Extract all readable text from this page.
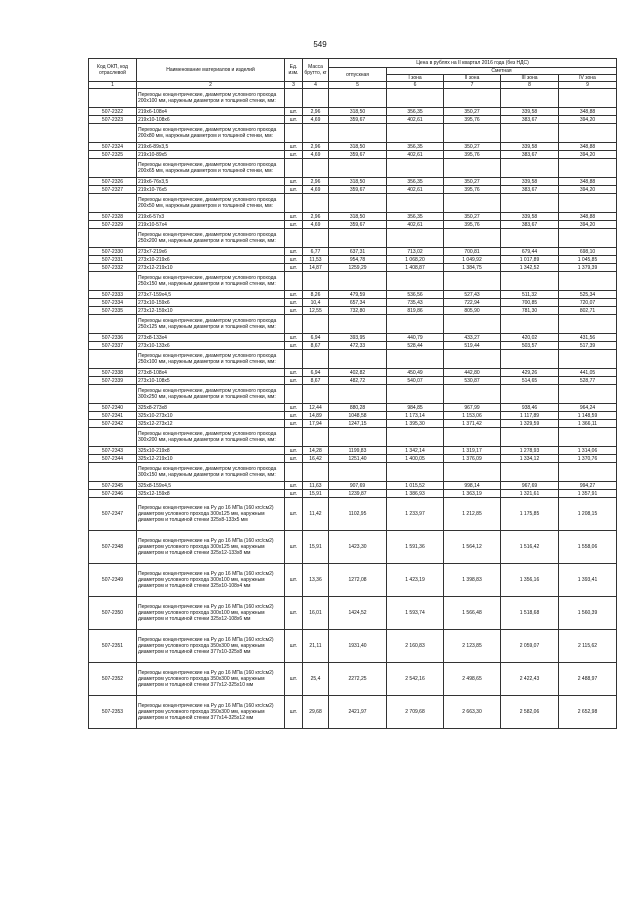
549
Код ОКП, код отраслевой	Наименование материалов и изделий	Ед. изм.	Масса брутто, кг	Цена в рублях на II квартал 2016 года (без НДС)				
				отпускная	Сметная			
					I зона	II зона	III зона	IV зона
1	2	3	4	5	6	7	8	9
	Переходы концентрические, диаметром условного прохода 200x100 мм, наружным диаметром и толщиной стенки, мм:							
507-2322	219x6-108x4	шт.	2,96	318,50	356,35	350,27	339,58	348,88
507-2323	219x10-108x6	шт.	4,69	359,67	402,61	395,76	383,67	394,20
	Переходы концентрические, диаметром условного прохода 200x80 мм, наружным диаметром и толщиной стенки, мм:							
507-2324	219x6-89x3,5	шт.	2,96	318,50	356,35	350,27	339,58	348,88
507-2325	219x10-89x5	шт.	4,69	359,67	402,61	395,76	383,67	394,20
	Переходы концентрические, диаметром условного прохода 200x65 мм, наружным диаметром и толщиной стенки, мм:							
507-2326	219x6-76x3,5	шт.	2,96	318,50	356,35	350,27	339,58	348,88
507-2327	219x10-76x5	шт.	4,69	359,67	402,61	395,76	383,67	394,20
	Переходы концентрические, диаметром условного прохода 200x50 мм, наружным диаметром и толщиной стенки, мм:							
507-2328	219x6-57x3	шт.	2,96	318,50	356,35	350,27	339,58	348,88
507-2329	219x10-57x4	шт.	4,69	359,67	402,61	395,76	383,67	394,20
	Переходы концентрические, диаметром условного прохода 250x200 мм, наружным диаметром и толщиной стенки, мм:							
507-2330	273x7-219x6	шт.	6,77	637,31	713,02	700,81	679,44	698,10
507-2331	273x10-219x6	шт.	11,53	954,78	1 068,20	1 049,92	1 017,89	1 045,85
507-2332	273x12-219x10	шт.	14,87	1259,29	1 408,87	1 384,75	1 342,52	1 379,39
	Переходы концентрические, диаметром условного прохода 250x150 мм, наружным диаметром и толщиной стенки, мм:							
507-2333	273x7-159x4,5	шт.	8,26	479,59	536,56	527,43	511,32	525,34
507-2334	273x10-159x6	шт.	10,4	657,34	735,43	722,94	700,85	720,07
507-2335	273x12-159x10	шт.	12,55	732,80	819,86	805,90	781,30	802,71
	Переходы концентрические, диаметром условного прохода 250x125 мм, наружным диаметром и толщиной стенки, мм:							
507-2336	273x8-133x4	шт.	6,94	393,95	440,79	433,27	420,02	431,56
507-2337	273x10-133x6	шт.	8,67	472,33	528,44	519,44	503,57	517,39
	Переходы концентрические, диаметром условного прохода 250x100 мм, наружным диаметром и толщиной стенки, мм:							
507-2338	273x8-108x4	шт.	6,94	402,82	450,49	442,80	429,26	441,05
507-2339	273x10-108x5	шт.	8,67	482,72	540,07	530,87	514,65	528,77
	Переходы концентрические, диаметром условного прохода 300x250 мм, наружным диаметром и толщиной стенки, мм:							
507-2340	325x8-273x8	шт.	12,44	880,28	984,85	967,99	938,46	964,24
507-2341	325x10-273x10	шт.	14,89	1048,58	1 173,14	1 153,06	1 117,89	1 148,59
507-2342	325x12-273x12	шт.	17,94	1247,15	1 395,30	1 371,42	1 329,59	1 366,11
	Переходы концентрические, диаметром условного прохода 300x200 мм, наружным диаметром и толщиной стенки, мм:							
507-2343	325x10-219x8	шт.	14,28	1199,83	1 342,14	1 319,17	1 278,93	1 314,06
507-2344	325x12-219x10	шт.	16,42	1251,40	1 400,05	1 376,09	1 334,12	1 370,76
	Переходы концентрические, диаметром условного прохода 300x150 мм, наружным диаметром и толщиной стенки, мм:							
507-2345	325x8-159x4,5	шт.	11,63	907,69	1 015,52	998,14	967,69	994,27
507-2346	325x12-159x8	шт.	15,91	1239,87	1 386,93	1 363,19	1 321,61	1 357,91
507-2347	Переходы концентрические на Ру до 16 МПа (160 кгс/см2) диаметром условного прохода 300x125 мм, наружным диаметром и толщиной стенки 325x8-133x5 мм	шт.	11,42	1102,95	1 233,97	1 212,85	1 175,85	1 208,15
507-2348	Переходы концентрические на Ру до 16 МПа (160 кгс/см2) диаметром условного прохода 300x125 мм, наружным диаметром и толщиной стенки 325x12-133x8 мм	шт.	15,91	1423,30	1 591,36	1 564,12	1 516,42	1 558,06
507-2349	Переходы концентрические на Ру до 16 МПа (160 кгс/см2) диаметром условного прохода 300x100 мм, наружным диаметром и толщиной стенки 325x10-108x4 мм	шт.	13,36	1272,08	1 423,19	1 398,83	1 356,16	1 393,41
507-2350	Переходы концентрические на Ру до 16 МПа (160 кгс/см2) диаметром условного прохода 300x100 мм, наружным диаметром и толщиной стенки 325x12-108x6 мм	шт.	16,01	1424,52	1 593,74	1 566,48	1 518,68	1 560,39
507-2351	Переходы концентрические на Ру до 16 МПа (160 кгс/см2) диаметром условного прохода 350x300 мм, наружным диаметром и толщиной стенки 377x10-325x8 мм	шт.	21,11	1931,40	2 160,83	2 123,85	2 059,07	2 115,62
507-2352	Переходы концентрические на Ру до 16 МПа (160 кгс/см2) диаметром условного прохода 350x300 мм, наружным диаметром и толщиной стенки 377x12-325x10 мм	шт.	25,4	2272,25	2 542,16	2 498,65	2 422,43	2 488,97
507-2353	Переходы концентрические на Ру до 16 МПа (160 кгс/см2) диаметром условного прохода 350x300 мм, наружным диаметром и толщиной стенки 377x14-325x12 мм	шт.	29,68	2421,97	2 709,68	2 663,30	2 582,06	2 652,98
